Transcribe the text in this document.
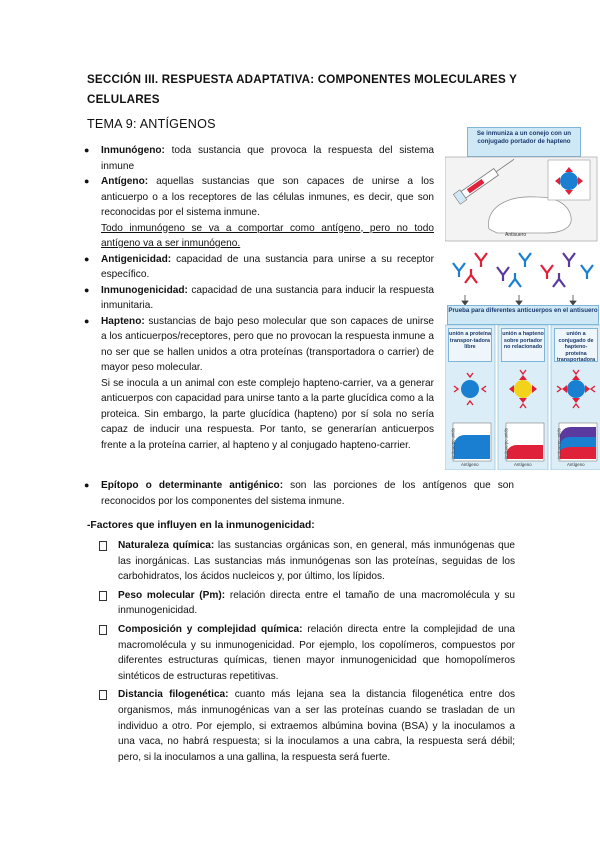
SECCIÓN III. RESPUESTA ADAPTATIVA: COMPONENTES MOLECULARES Y CELULARES
TEMA 9: ANTÍGENOS
● Inmunógeno: toda sustancia que provoca la respuesta del sistema inmune
● Antígeno: aquellas sustancias que son capaces de unirse a los anticuerpo o a los receptores de las células inmunes, es decir, que son reconocidas por el sistema inmune.
Todo inmunógeno se va a comportar como antígeno, pero no todo antígeno va a ser inmunógeno.
● Antigenicidad: capacidad de una sustancia para unirse a su receptor específico.
● Inmunogenicidad: capacidad de una sustancia para inducir la respuesta inmunitaria.
● Hapteno: sustancias de bajo peso molecular que son capaces de unirse a los anticuerpos/receptores, pero que no provocan la respuesta inmune a no ser que se hallen unidos a otra proteínas (transportadora o carrier) de mayor peso molecular.
Si se inocula a un animal con este complejo hapteno-carrier, va a generar anticuerpos con capacidad para unirse tanto a la parte glucídica como a la proteica. Sin embargo, la parte glucídica (hapteno) por sí sola no sería capaz de inducir una respuesta. Por tanto, se generarían anticuerpos frente a la proteína carrier, al hapteno y al conjugado hapteno-carrier.
● Epítopo o determinante antigénico: son las porciones de los antígenos que son reconocidos por los componentes del sistema inmune.
-Factores que influyen en la inmunogenicidad:
Naturaleza química: las sustancias orgánicas son, en general, más inmunógenas que las inorgánicas. Las sustancias más inmunógenas son las proteínas, seguidas de los carbohidratos, los ácidos nucleicos y, por último, los lípidos.
Peso molecular (Pm): relación directa entre el tamaño de una macromolécula y su inmunogenicidad.
Composición y complejidad química: relación directa entre la complejidad de una macromolécula y su inmunogenicidad. Por ejemplo, los copolímeros, compuestos por diferentes estructuras químicas, tienen mayor inmunogenicidad que homopolímeros sintéticos de estructuras repetitivas.
Distancia filogenética: cuanto más lejana sea la distancia filogenética entre dos organismos, más inmunogénicas van a ser las proteínas cuando se trasladan de un individuo a otro. Por ejemplo, si extraemos albúmina bovina (BSA) y la inoculamos a una vaca, no habrá respuesta; si la inoculamos a una cabra, la respuesta será débil; pero, si la inoculamos a una gallina, la respuesta será fuerte.
Se inmuniza a un conejo con un conjugado portador de hapteno
Antisuero
Prueba para diferentes anticuerpos en el antisuero
unión a proteína transpor-tadora libre
unión a hapteno sobre portador no relacionado
unión a conjugado de hapteno-proteína transportadora
Anticuerpo unido	Anticuerpo unido	Anticuerpo unido
Antígeno	Antígeno	Antígeno
